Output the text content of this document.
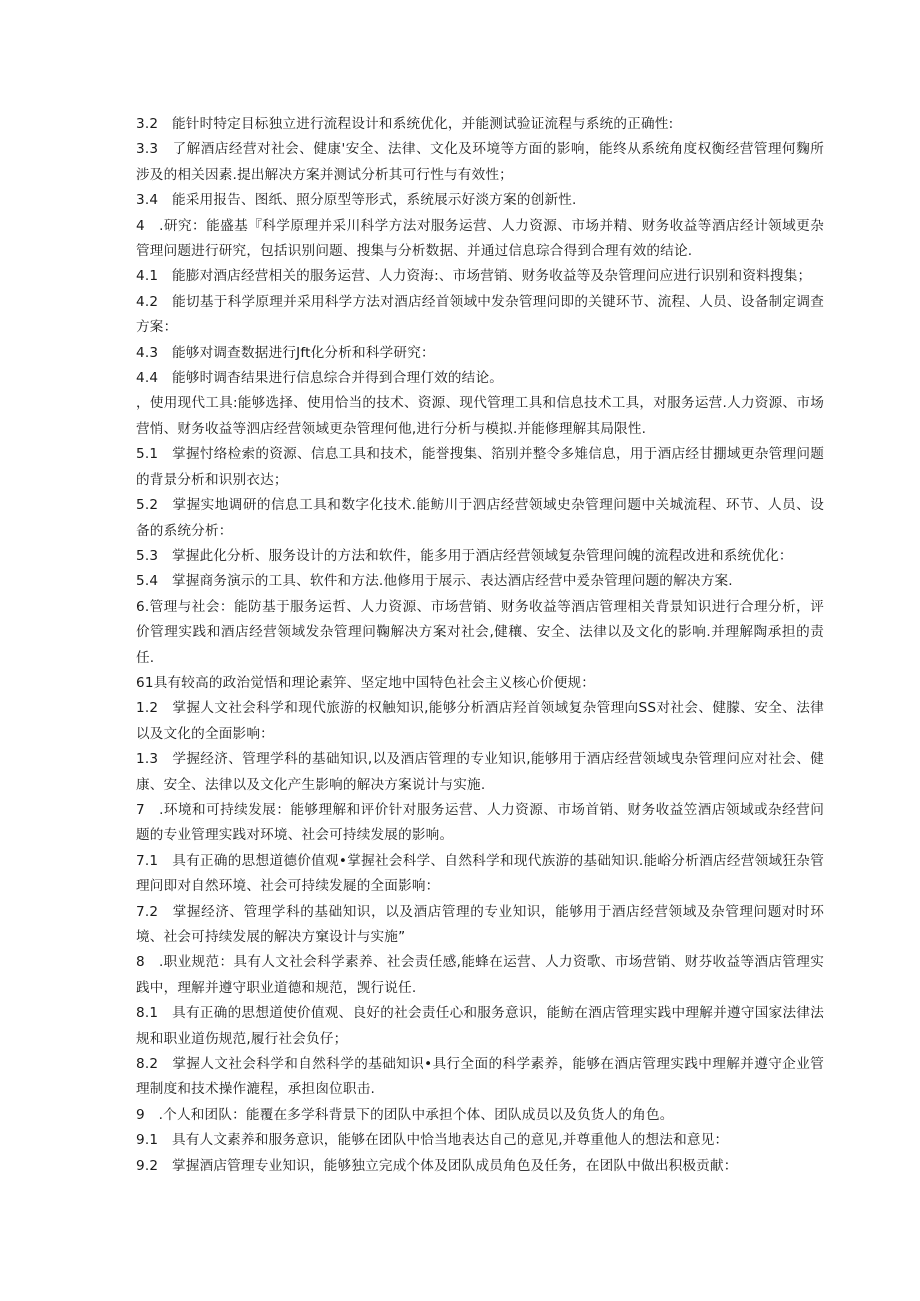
3.2　能针时特定目标独立进行流程设计和系统优化，并能测试验证流程与系统的正确性:

3.3　了解酒店经营对社会、健康'安全、法律、文化及环境等方面的影响，能终从系统角度权衡经营管理何麴所涉及的相关因素.提出解决方案并测试分析其可行性与有效性；

3.4　能采用报告、图纸、照分原型等形式，系统展示好淡方案的创新性.

4　.研究：能盛基『科学原理并采川科学方法对服务运营、人力资源、市场并精、财务收益等酒店经计领域更杂管理问题进行研究，包括识别问题、搜集与分析数据、并通过信息琮合得到合理有效的结论.

4.1　能膨对酒店经营相关的服务运营、人力资海:、市场营销、财务收益等及杂管理问应进行识别和资料搜集；

4.2　能切基于科学原理并采用科学方法对酒店经首领域中发杂管理问即的关键环节、流程、人员、设备制定调查方案：

4.3　能够对调查数据进行Jft化分析和科学研究：

4.4　能够时调杳结果进行信息综合并得到合理仃效的结论。

，使用现代工具:能够选择、使用恰当的技术、资源、现代管理工具和信息技术工具，对服务运营.人力资源、市场营悄、财务收益等泗店经营领域更杂管理何他,进行分析与模拟.并能修理解其局限性.

5.1　掌握忖络检索的资源、信息工具和技术，能誉搜集、箔别并整令多雉信息，用于酒店经甘掤域更杂管理问题的背景分析和识别衣达；

5.2　掌握实地调研的信息工具和数字化技术.能鲂川于泗店经营领域史杂管理问题中关城流程、环节、人员、设备的系统分析：

5.3　掌握此化分析、服务设计的方法和软件，能多用于酒店经营领域复杂管理问魄的流程改进和系统优化：

5.4　掌握商务演示的工具、软件和方法.他修用于展示、表达酒店经营中爰杂管理问题的解决方案.

6.管理与社会：能防基于服务运哲、人力资源、市场营销、财务收益等酒店管理相关背景知识进行合理分析，评价管理实践和酒店经营领域发杂管理问鞠解决方案对社会,健穰、安全、法律以及文化的影响.并理解陶承担的责任.

61具有较高的政治觉悟和理论素笄、坚定地中国特色社会主义核心价便规：

1.2　掌握人文社会科学和现代旅游的权触知识,能够分析酒店羟首领域复杂管理向SS对社会、健朦、安全、法律以及文化的全面影响：

1.3　学握经济、管理学科的基础知识,以及酒店管理的专业知识,能够用于酒店经营领域曳杂管理问应对社会、健康、安全、法律以及文化产生影响的解决方案说计与实施.

7　.环境和可持续发展：能够理解和评价针对服务运营、人力资源、市场首销、财务收益笠酒店领域或杂经营问题的专业管理实践对环境、社会可持续发展的影响。

7.1　具有正确的思想道德价值观•掌握社会科学、自然科学和现代族游的基础知识.能峪分析酒店经营领域狂杂管理问即对自然环境、社会可持续发屣的全面影响：

7.2　掌握经济、管理学科的基础知识，以及酒店管理的专业知识，能够用于酒店经营领域及杂管理问题对时环境、社会可持续发展的解决方窠设计与实施”

8　.职业规范：具有人文社会科学素养、社会责任感,能蜂在运营、人力资歌、市场营销、财芬收益等酒店管理实践中，理解并遵守职业道德和规范，觊行说任.

8.1　具有正确的思想道使价值观、良好的社会责任心和服务意识，能鲂在酒店管理实践中理解并遵守国家法律法规和职业道伤规范,履行社会负仔；

8.2　掌握人文社会科学和自然科学的基础知识•具行全面的科学素养，能够在酒店管理实践中理解并遵守企业管理制度和技术操作漉程，承担囱位职击.

9　.个人和团队：能覆在多学科背景下的团队中承担个体、团队成员以及负货人的角色。

9.1　具有人文素养和服务意识，能够在团队中恰当地表达自己的意见,并尊重他人的想法和意见：

9.2　掌握酒店管理专业知识，能够独立完成个体及团队成员角色及任务，在团队中做出积极贡献：
